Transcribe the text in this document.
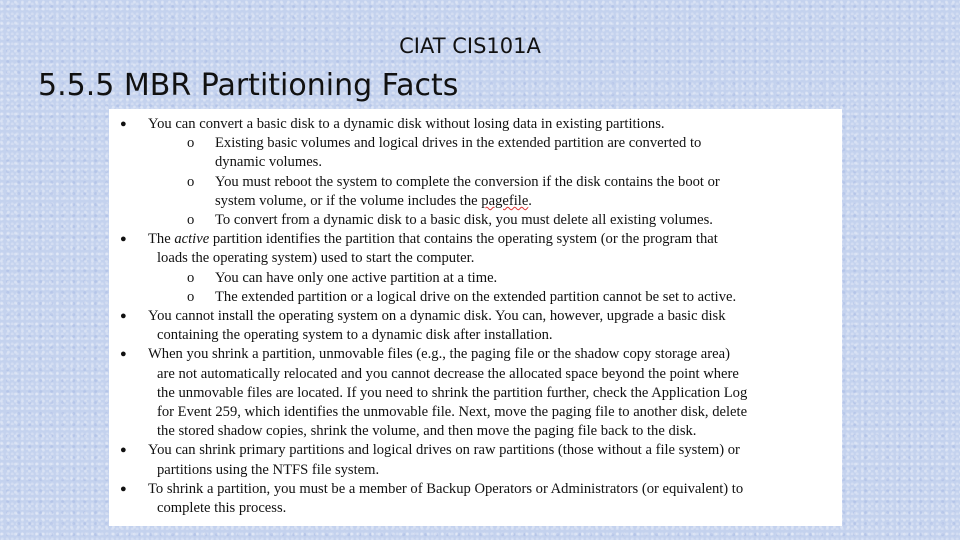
CIAT CIS101A
5.5.5 MBR Partitioning Facts
● You can convert a basic disk to a dynamic disk without losing data in existing partitions.
o Existing basic volumes and logical drives in the extended partition are converted to
dynamic volumes.
o You must reboot the system to complete the conversion if the disk contains the boot or
system volume, or if the volume includes the pagefile.
o To convert from a dynamic disk to a basic disk, you must delete all existing volumes.
● The active partition identifies the partition that contains the operating system (or the program that
loads the operating system) used to start the computer.
o You can have only one active partition at a time.
o The extended partition or a logical drive on the extended partition cannot be set to active.
● You cannot install the operating system on a dynamic disk. You can, however, upgrade a basic disk
containing the operating system to a dynamic disk after installation.
● When you shrink a partition, unmovable files (e.g., the paging file or the shadow copy storage area)
are not automatically relocated and you cannot decrease the allocated space beyond the point where
the unmovable files are located. If you need to shrink the partition further, check the Application Log
for Event 259, which identifies the unmovable file. Next, move the paging file to another disk, delete
the stored shadow copies, shrink the volume, and then move the paging file back to the disk.
● You can shrink primary partitions and logical drives on raw partitions (those without a file system) or
partitions using the NTFS file system.
● To shrink a partition, you must be a member of Backup Operators or Administrators (or equivalent) to
complete this process.
